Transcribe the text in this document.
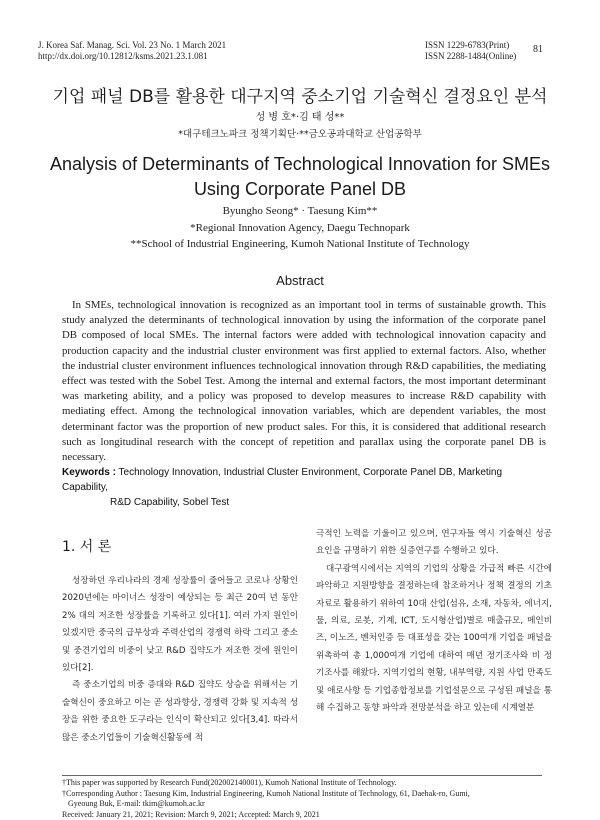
J. Korea Saf. Manag. Sci. Vol. 23 No. 1 March 2021
http://dx.doi.org/10.12812/ksms.2021.23.1.081
ISSN 1229-6783(Print)
ISSN 2288-1484(Online)
81
기업 패널 DB를 활용한 대구지역 중소기업 기술혁신 결정요인 분석
성 병 호*·김 태 성**
*대구테크노파크 정책기획단·**금오공과대학교 산업공학부
Analysis of Determinants of Technological Innovation for SMEs
Using Corporate Panel DB
Byungho Seong* · Taesung Kim**
*Regional Innovation Agency, Daegu Technopark
**School of Industrial Engineering, Kumoh National Institute of Technology
Abstract

In SMEs, technological innovation is recognized as an important tool in terms of sustainable growth. This study analyzed the determinants of technological innovation by using the information of the corporate panel DB composed of local SMEs. The internal factors were added with technological innovation capacity and production capacity and the industrial cluster environment was first applied to external factors. Also, whether the industrial cluster environment influences technological innovation through R&D capabilities, the mediating effect was tested with the Sobel Test. Among the internal and external factors, the most important determinant was marketing ability, and a policy was proposed to develop measures to increase R&D capability with mediating effect. Among the technological innovation variables, which are dependent variables, the most determinant factor was the proportion of new product sales. For this, it is considered that additional research such as longitudinal research with the concept of repetition and parallax using the corporate panel DB is necessary.

Keywords : Technology Innovation, Industrial Cluster Environment, Corporate Panel DB, Marketing Capability,
R&D Capability, Sobel Test
1. 서 론

성장하던 우리나라의 경제 성장률이 줄어들고 코로나 상황인 2020년에는 마이너스 성장이 예상되는 등 최근 20여 년 동안 2% 대의 저조한 성장률을 기록하고 있다[1]. 여러 가지 원인이 있겠지만 중국의 급부상과 주력산업의 경쟁력 하락 그리고 중소 및 중견기업의 비중이 낮고 R&D 집약도가 저조한 것에 원인이 있다[2].

즉 중소기업의 비중 증대와 R&D 집약도 상승을 위해서는 기술혁신이 중요하고 이는 곧 성과향상, 경쟁력 강화 및 지속적 성장을 위한 중요한 도구라는 인식이 확산되고 있다[3,4]. 따라서 많은 중소기업들이 기술혁신활동에 적

극적인 노력을 기울이고 있으며, 연구자들 역시 기술혁신 성공요인을 규명하기 위한 실증연구를 수행하고 있다.

대구광역시에서는 지역의 기업의 상황을 가급적 빠른 시간에 파악하고 지원방향을 결정하는데 참조하거나 정책 결정의 기초자료로 활용하기 위하여 10대 산업(섬유, 소재, 자동차, 에너지, 물, 의료, 로봇, 기계, ICT, 도시형산업)별로 매출규모, 메인비즈, 이노즈, 벤처인증 등 대표성을 갖는 100여개 기업을 패널을 위촉하여 총 1,000여개 기업에 대하여 매년 정기조사와 비 정기조사를 해왔다. 지역기업의 현황, 내부역량, 지원 사업 만족도 및 애로사항 등 기업종합정보를 기업설문으로 구성된 패널을 통해 수집하고 동향 파악과 전망분석을 하고 있는데 시계열분

†This paper was supported by Research Fund(202002140001), Kumoh National Institute of Technology.
†Corresponding Author : Taesung Kim, Industrial Engineering, Kumoh National Institute of Technology, 61, Daehak-ro, Gumi,
Gyeoung Buk, E-mail: tkim@kumoh.ac.kr
Received: January 21, 2021; Revision: March 9, 2021; Accepted: March 9, 2021
